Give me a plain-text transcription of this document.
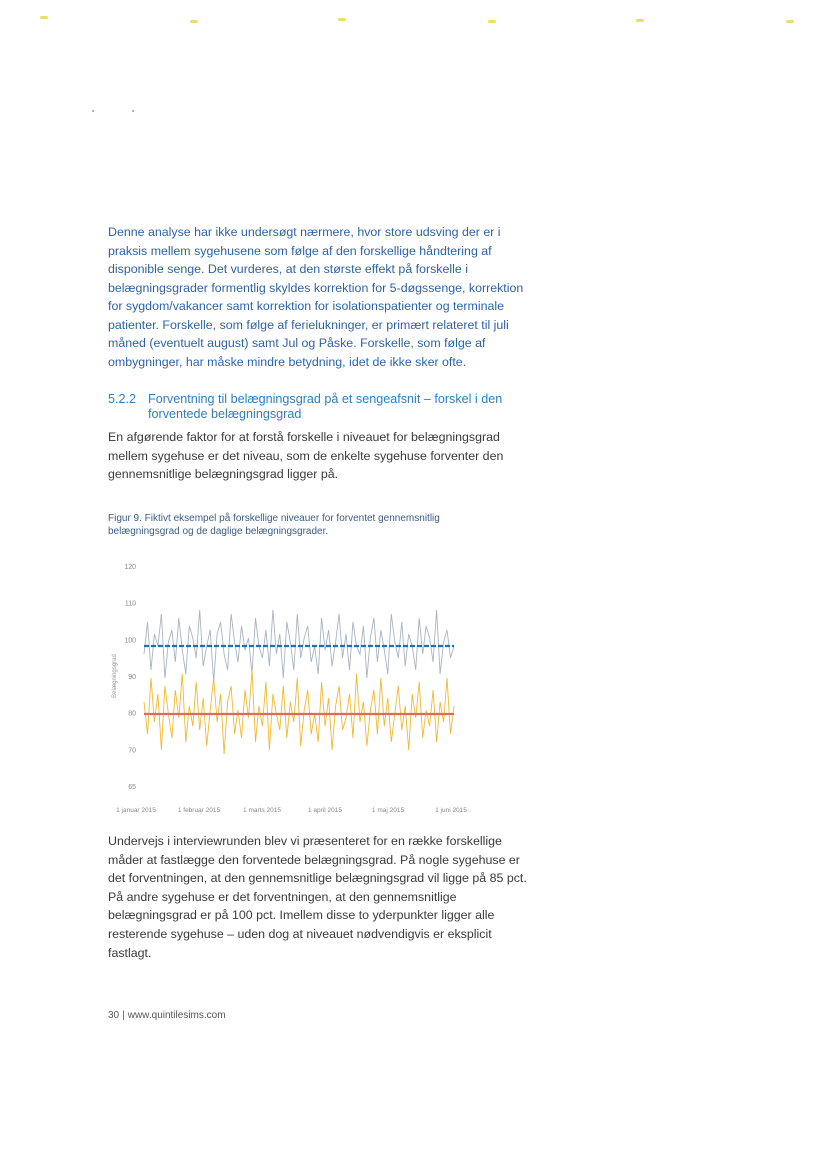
Denne analyse har ikke undersøgt nærmere, hvor store udsving der er i praksis mellem sygehusene som følge af den forskellige håndtering af disponible senge. Det vurderes, at den største effekt på forskelle i belægningsgrader formentlig skyldes korrektion for 5-døgssenge, korrektion for sygdom/vakancer samt korrektion for isolationspatienter og terminale patienter. Forskelle, som følge af ferielukninger, er primært relateret til juli måned (eventuelt august) samt Jul og Påske. Forskelle, som følge af ombygninger, har måske mindre betydning, idet de ikke sker ofte.

5.2.2 Forventning til belægningsgrad på et sengeafsnit – forskel i den forventede belægningsgrad

En afgørende faktor for at forstå forskelle i niveauet for belægningsgrad mellem sygehuse er det niveau, som de enkelte sygehuse forventer den gennemsnitlige belægningsgrad ligger på.

Figur 9. Fiktivt eksempel på forskellige niveauer for forventet gennemsnitlig belægningsgrad og de daglige belægningsgrader.
120
110
100
90
80
70
65
Belægningsgrad
1 januar 2015	1 februar 2015	1 marts 2015	1 april 2015	1 maj 2015	1 juni 2015

Undervejs i interviewrunden blev vi præsenteret for en række forskellige måder at fastlægge den forventede belægningsgrad. På nogle sygehuse er det forventningen, at den gennemsnitlige belægningsgrad vil ligge på 85 pct. På andre sygehuse er det forventningen, at den gennemsnitlige belægningsgrad er på 100 pct. Imellem disse to yderpunkter ligger alle resterende sygehuse – uden dog at niveauet nødvendigvis er eksplicit fastlagt.

30 | www.quintilesims.com
